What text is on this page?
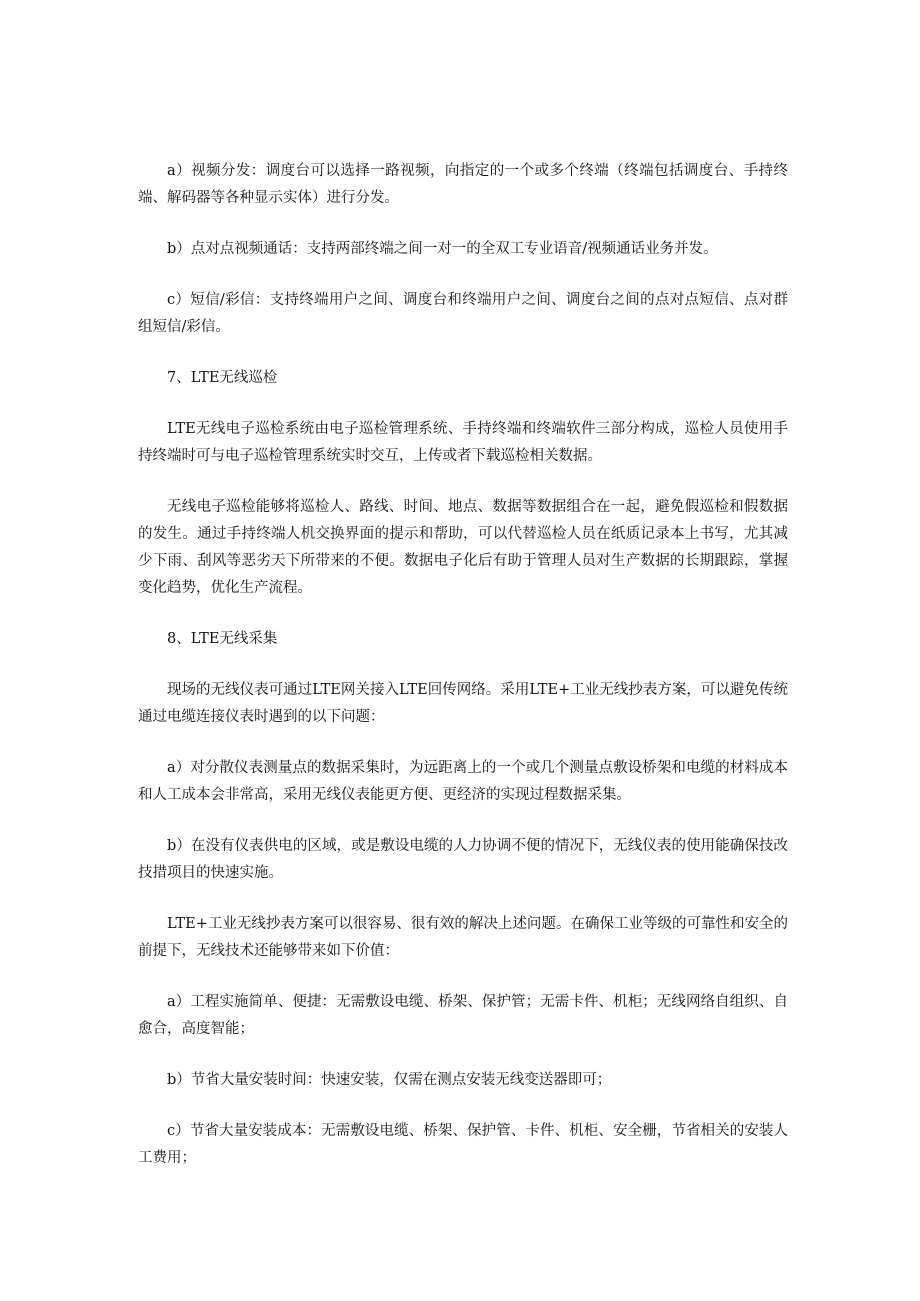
a）视频分发：调度台可以选择一路视频，向指定的一个或多个终端（终端包括调度台、手持终端、解码器等各种显示实体）进行分发。

b）点对点视频通话：支持两部终端之间一对一的全双工专业语音/视频通话业务并发。

c）短信/彩信：支持终端用户之间、调度台和终端用户之间、调度台之间的点对点短信、点对群组短信/彩信。

7、LTE无线巡检

LTE无线电子巡检系统由电子巡检管理系统、手持终端和终端软件三部分构成，巡检人员使用手持终端时可与电子巡检管理系统实时交互，上传或者下载巡检相关数据。

无线电子巡检能够将巡检人、路线、时间、地点、数据等数据组合在一起，避免假巡检和假数据的发生。通过手持终端人机交换界面的提示和帮助，可以代替巡检人员在纸质记录本上书写，尤其减少下雨、刮风等恶劣天下所带来的不便。数据电子化后有助于管理人员对生产数据的长期跟踪，掌握变化趋势，优化生产流程。

8、LTE无线采集

现场的无线仪表可通过LTE网关接入LTE回传网络。采用LTE+工业无线抄表方案，可以避免传统通过电缆连接仪表时遇到的以下问题：

a）对分散仪表测量点的数据采集时，为远距离上的一个或几个测量点敷设桥架和电缆的材料成本和人工成本会非常高，采用无线仪表能更方便、更经济的实现过程数据采集。

b）在没有仪表供电的区域，或是敷设电缆的人力协调不便的情况下，无线仪表的使用能确保技改技措项目的快速实施。

LTE+工业无线抄表方案可以很容易、很有效的解决上述问题。在确保工业等级的可靠性和安全的前提下，无线技术还能够带来如下价值：

a）工程实施简单、便捷：无需敷设电缆、桥架、保护管；无需卡件、机柜；无线网络自组织、自愈合，高度智能；

b）节省大量安装时间：快速安装，仅需在测点安装无线变送器即可；

c）节省大量安装成本：无需敷设电缆、桥架、保护管、卡件、机柜、安全栅，节省相关的安装人工费用；
